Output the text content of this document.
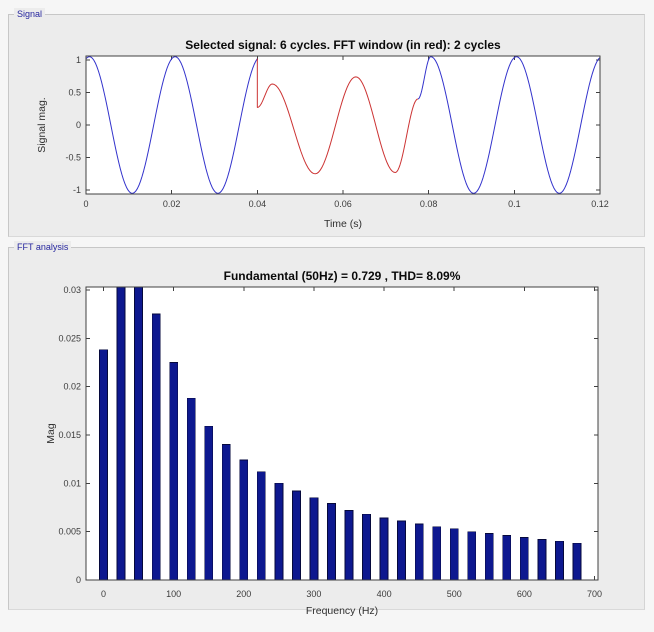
Signal
0	0.02	0.04	0.06	0.08	0.1	0.12
-1
-0.5
0
0.5
1
Selected signal: 6 cycles. FFT window (in red): 2 cycles
Time (s)
Signal mag.
FFT analysis
0	100	200	300	400	500	600	700
0
0.005
0.01
0.015
0.02
0.025
0.03
Fundamental (50Hz) = 0.729 , THD= 8.09%
Frequency (Hz)
Mag
